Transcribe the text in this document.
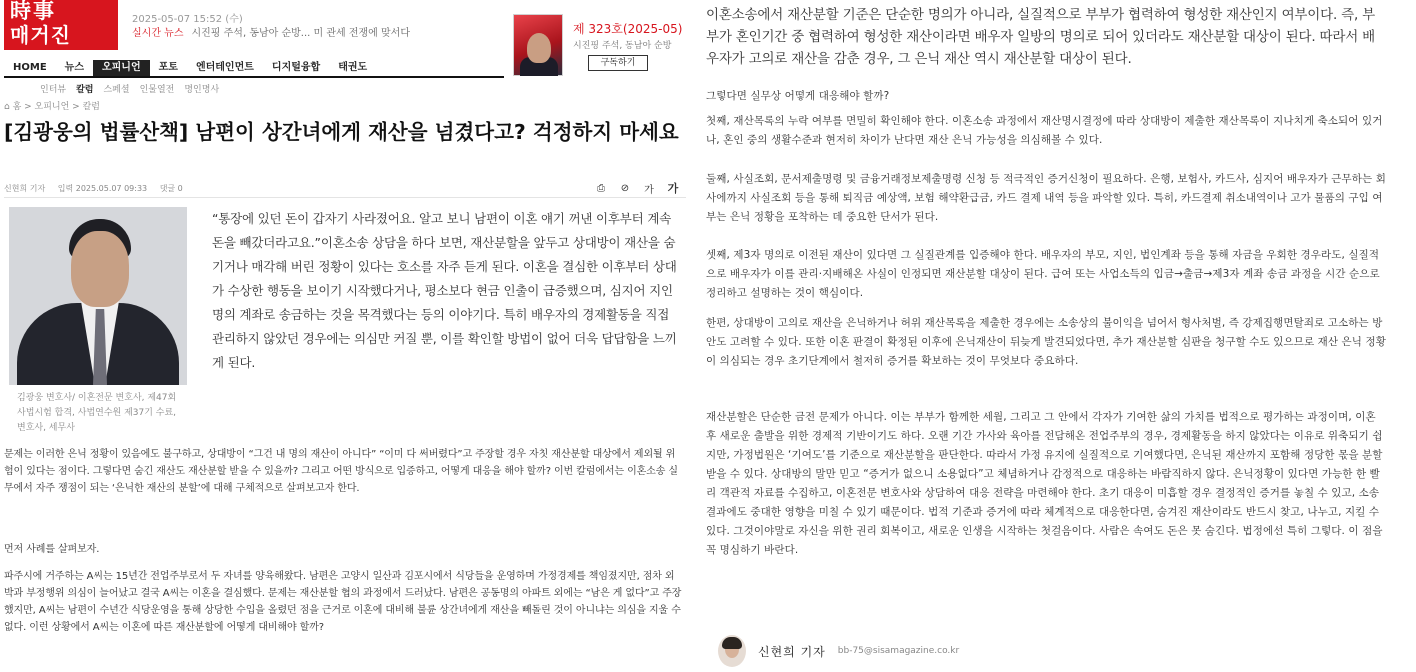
時事
매거진
2025-05-07 15:52 (수)
실시간 뉴스 시진핑 주석, 동남아 순방... 미 관세 전쟁에 맞서다	제 323호(2025-05)
시진핑 주석, 동남아 순방
구독하기
HOME	뉴스	오피니언	포토	엔터테인먼트	디지털융합	태권도
인터뷰 칼럼 스페셜 인물열전 명인명사
⌂ 홈 > 오피니언 > 칼럼
[김광웅의 법률산책] 남편이 상간녀에게 재산을 넘겼다고? 걱정하지 마세요
신현희 기자 입력 2025.05.07 09:33 댓글 0	⎙	⊘	가	가
김광웅 변호사/ 이혼전문 변호사, 제47회 사법시험 합격, 사법연수원 제37기 수료, 변호사, 세무사

“통장에 있던 돈이 갑자기 사라졌어요. 알고 보니 남편이 이혼 얘기 꺼낸 이후부터 계속 돈을 빼갔더라고요.”이혼소송 상담을 하다 보면, 재산분할을 앞두고 상대방이 재산을 숨기거나 매각해 버린 정황이 있다는 호소를 자주 듣게 된다. 이혼을 결심한 이후부터 상대가 수상한 행동을 보이기 시작했다거나, 평소보다 현금 인출이 급증했으며, 심지어 지인 명의 계좌로 송금하는 것을 목격했다는 등의 이야기다. 특히 배우자의 경제활동을 직접 관리하지 않았던 경우에는 의심만 커질 뿐, 이를 확인할 방법이 없어 더욱 답답함을 느끼게 된다.

문제는 이러한 은닉 정황이 있음에도 불구하고, 상대방이 “그건 내 명의 재산이 아니다” “이미 다 써버렸다”고 주장할 경우 자칫 재산분할 대상에서 제외될 위험이 있다는 점이다. 그렇다면 숨긴 재산도 재산분할 받을 수 있을까? 그리고 어떤 방식으로 입증하고, 어떻게 대응을 해야 할까? 이번 칼럼에서는 이혼소송 실무에서 자주 쟁점이 되는 ‘은닉한 재산의 분할’에 대해 구체적으로 살펴보고자 한다.

먼저 사례를 살펴보자.

파주시에 거주하는 A씨는 15년간 전업주부로서 두 자녀를 양육해왔다. 남편은 고양시 일산과 김포시에서 식당들을 운영하며 가정경제를 책임졌지만, 점차 외박과 부정행위 의심이 늘어났고 결국 A씨는 이혼을 결심했다. 문제는 재산분할 협의 과정에서 드러났다. 남편은 공동명의 아파트 외에는 “남은 게 없다”고 주장했지만, A씨는 남편이 수년간 식당운영을 통해 상당한 수입을 올렸던 점을 근거로 이혼에 대비해 불륜 상간녀에게 재산을 빼돌린 것이 아니냐는 의심을 지울 수 없다. 이런 상황에서 A씨는 이혼에 따른 재산분할에 어떻게 대비해야 할까?

이혼소송에서 재산분할 기준은 단순한 명의가 아니라, 실질적으로 부부가 협력하여 형성한 재산인지 여부이다. 즉, 부부가 혼인기간 중 협력하여 형성한 재산이라면 배우자 일방의 명의로 되어 있더라도 재산분할 대상이 된다. 따라서 배우자가 고의로 재산을 감춘 경우, 그 은닉 재산 역시 재산분할 대상이 된다.

그렇다면 실무상 어떻게 대응해야 할까?

첫째, 재산목록의 누락 여부를 면밀히 확인해야 한다. 이혼소송 과정에서 재산명시결정에 따라 상대방이 제출한 재산목록이 지나치게 축소되어 있거나, 혼인 중의 생활수준과 현저히 차이가 난다면 재산 은닉 가능성을 의심해볼 수 있다.

둘째, 사실조회, 문서제출명령 및 금융거래정보제출명령 신청 등 적극적인 증거신청이 필요하다. 은행, 보험사, 카드사, 심지어 배우자가 근무하는 회사에까지 사실조회 등을 통해 퇴직금 예상액, 보험 해약환급금, 카드 결제 내역 등을 파악할 있다. 특히, 카드결제 취소내역이나 고가 물품의 구입 여부는 은닉 정황을 포착하는 데 중요한 단서가 된다.

셋째, 제3자 명의로 이전된 재산이 있다면 그 실질관계를 입증해야 한다. 배우자의 부모, 지인, 법인계좌 등을 통해 자금을 우회한 경우라도, 실질적으로 배우자가 이를 관리·지배해온 사실이 인정되면 재산분할 대상이 된다. 급여 또는 사업소득의 입금→출금→제3자 계좌 송금 과정을 시간 순으로 정리하고 설명하는 것이 핵심이다.

한편, 상대방이 고의로 재산을 은닉하거나 허위 재산목록을 제출한 경우에는 소송상의 불이익을 넘어서 형사처벌, 즉 강제집행면탈죄로 고소하는 방안도 고려할 수 있다. 또한 이혼 판결이 확정된 이후에 은닉재산이 뒤늦게 발견되었다면, 추가 재산분할 심판을 청구할 수도 있으므로 재산 은닉 정황이 의심되는 경우 초기단계에서 철저히 증거를 확보하는 것이 무엇보다 중요하다.

재산분할은 단순한 금전 문제가 아니다. 이는 부부가 함께한 세월, 그리고 그 안에서 각자가 기여한 삶의 가치를 법적으로 평가하는 과정이며, 이혼 후 새로운 출발을 위한 경제적 기반이기도 하다. 오랜 기간 가사와 육아를 전담해온 전업주부의 경우, 경제활동을 하지 않았다는 이유로 위축되기 쉽지만, 가정법원은 ‘기여도’를 기준으로 재산분할을 판단한다. 따라서 가정 유지에 실질적으로 기여했다면, 은닉된 재산까지 포함해 정당한 몫을 분할 받을 수 있다. 상대방의 말만 믿고 “증거가 없으니 소용없다”고 체념하거나 감정적으로 대응하는 바람직하지 않다. 은닉정황이 있다면 가능한 한 빨리 객관적 자료를 수집하고, 이혼전문 변호사와 상담하여 대응 전략을 마련해야 한다. 초기 대응이 미흡할 경우 결정적인 증거를 놓칠 수 있고, 소송결과에도 중대한 영향을 미칠 수 있기 때문이다. 법적 기준과 증거에 따라 체계적으로 대응한다면, 숨겨진 재산이라도 반드시 찾고, 나누고, 지킬 수 있다. 그것이야말로 자신을 위한 권리 회복이고, 새로운 인생을 시작하는 첫걸음이다. 사람은 속여도 돈은 못 숨긴다. 법정에선 특히 그렇다. 이 점을 꼭 명심하기 바란다.

신현희 기자 bb-75@sisamagazine.co.kr
